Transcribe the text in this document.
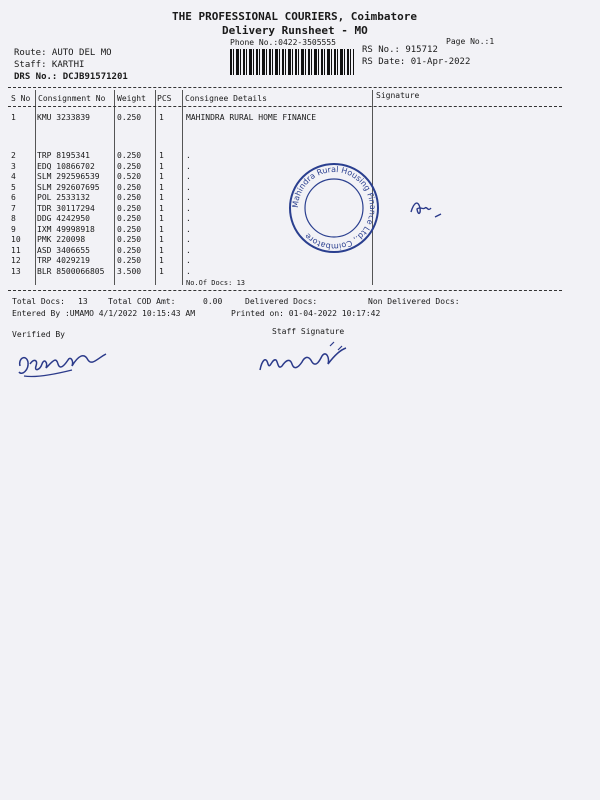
THE PROFESSIONAL COURIERS, Coimbatore
Delivery Runsheet - MO
Phone No.:0422-3505555	Page No.:1
Route: AUTO DEL MO
Staff: KARTHI
DRS No.: DCJB91571201
RS No.: 915712
RS Date: 01-Apr-2022
S No Consignment No Weight PCS Consignee Details	Signature
1	KMU 3233839	0.250 1	MAHINDRA RURAL HOME FINANCE
2	TRP 8195341	0.250 1	.
3	EDQ 10866702	0.250 1	.
4	SLM 292596539 0.520 1	.
5	SLM 292607695 0.250 1	.
6	POL 2533132	0.250 1	.
7	TDR 30117294	0.250 1	.
8	DDG 4242950	0.250 1	.
9	IXM 49998918	0.250 1	.
10 PMK 220098	0.250 1	.
11 ASD 3406655	0.250 1	.
12 TRP 4029219	0.250 1	.
13 BLR 8500066805 3.500 1	.
No.Of Docs: 13
Mahindra Rural Housing Finance Ltd., Coimbatore
Total Docs: 13	Total COD Amt:	0.00	Delivered Docs:	Non Delivered Docs:
Entered By :UMAMO 4/1/2022 10:15:43 AM	Printed on: 01-04-2022 10:17:42
Verified By	Staff Signature
